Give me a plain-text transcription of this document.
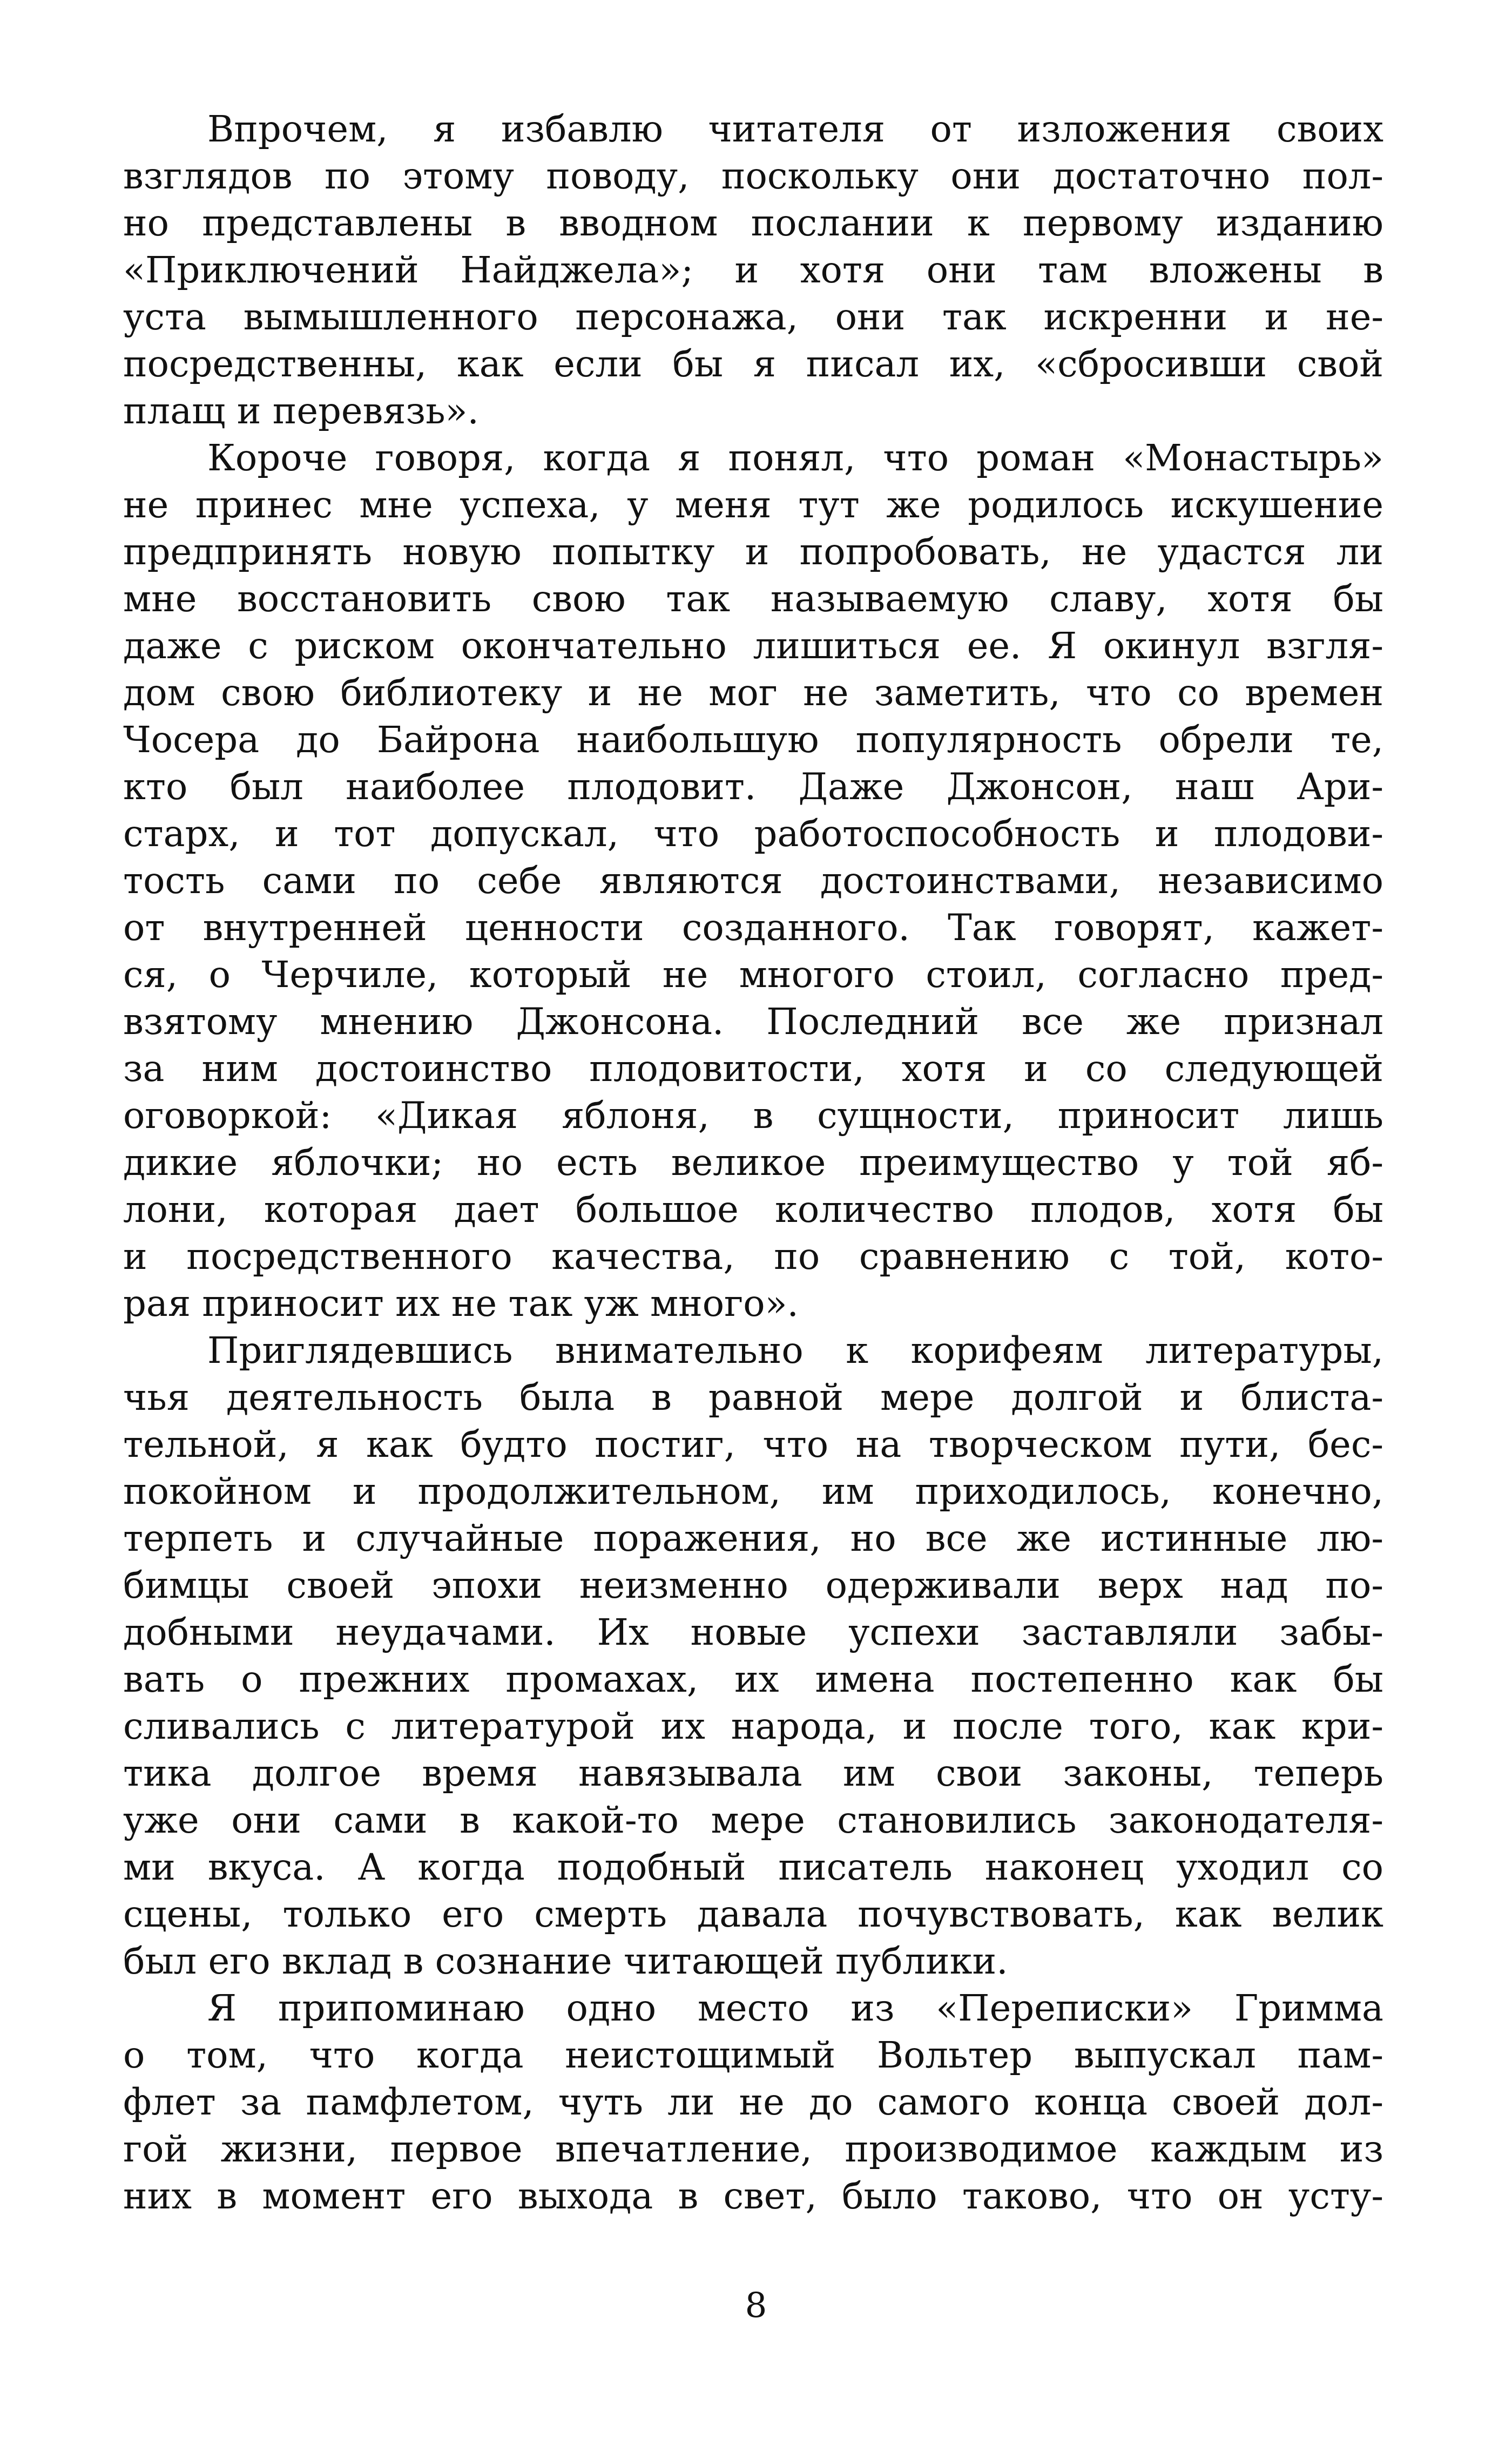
Впрочем, я избавлю читателя от изложения своих
взглядов по этому поводу, поскольку они достаточно пол-
но представлены в вводном послании к первому изданию
«Приключений Найджела»; и хотя они там вложены в
уста вымышленного персонажа, они так искренни и не-
посредственны, как если бы я писал их, «сбросивши свой
плащ и перевязь».
Короче говоря, когда я понял, что роман «Монастырь»
не принес мне успеха, у меня тут же родилось искушение
предпринять новую попытку и попробовать, не удастся ли
мне восстановить свою так называемую славу, хотя бы
даже с риском окончательно лишиться ее. Я окинул взгля-
дом свою библиотеку и не мог не заметить, что со времен
Чосера до Байрона наибольшую популярность обрели те,
кто был наиболее плодовит. Даже Джонсон, наш Ари-
старх, и тот допускал, что работоспособность и плодови-
тость сами по себе являются достоинствами, независимо
от внутренней ценности созданного. Так говорят, кажет-
ся, о Черчиле, который не многого стоил, согласно пред-
взятому мнению Джонсона. Последний все же признал
за ним достоинство плодовитости, хотя и со следующей
оговоркой: «Дикая яблоня, в сущности, приносит лишь
дикие яблочки; но есть великое преимущество у той яб-
лони, которая дает большое количество плодов, хотя бы
и посредственного качества, по сравнению с той, кото-
рая приносит их не так уж много».
Приглядевшись внимательно к корифеям литературы,
чья деятельность была в равной мере долгой и блиста-
тельной, я как будто постиг, что на творческом пути, бес-
покойном и продолжительном, им приходилось, конечно,
терпеть и случайные поражения, но все же истинные лю-
бимцы своей эпохи неизменно одерживали верх над по-
добными неудачами. Их новые успехи заставляли забы-
вать о прежних промахах, их имена постепенно как бы
сливались с литературой их народа, и после того, как кри-
тика долгое время навязывала им свои законы, теперь
уже они сами в какой-то мере становились законодателя-
ми вкуса. А когда подобный писатель наконец уходил со
сцены, только его смерть давала почувствовать, как велик
был его вклад в сознание читающей публики.
Я припоминаю одно место из «Переписки» Гримма
о том, что когда неистощимый Вольтер выпускал пам-
флет за памфлетом, чуть ли не до самого конца своей дол-
гой жизни, первое впечатление, производимое каждым из
них в момент его выхода в свет, было таково, что он усту-
8
